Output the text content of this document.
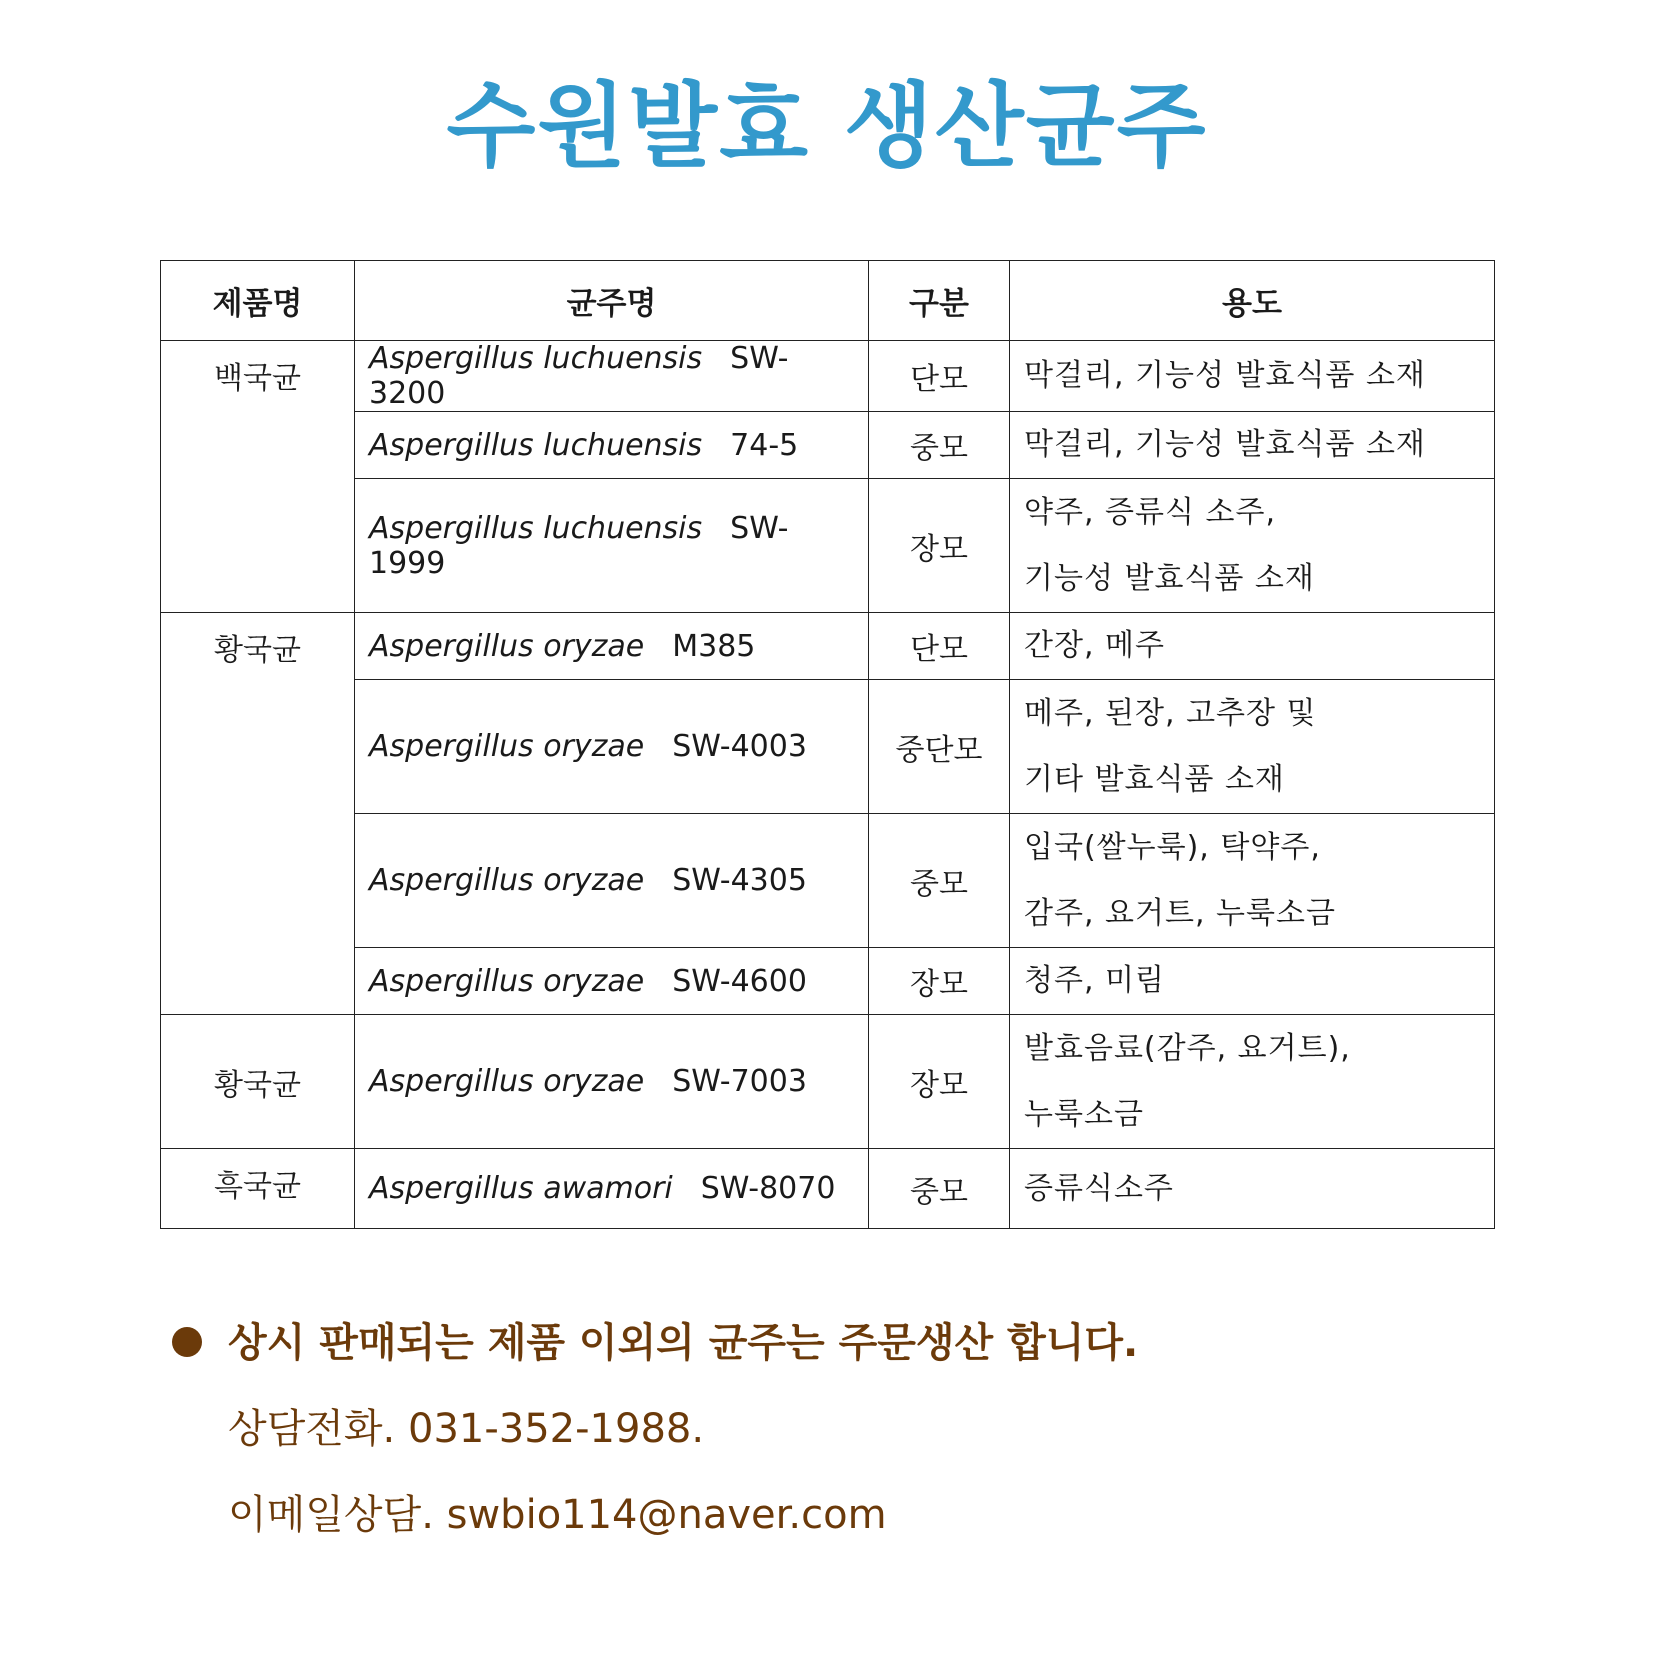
수원발효 생산균주
제품명	균주명	구분	용도
백국균	Aspergillus luchuensis SW-3200	단모	막걸리, 기능성 발효식품 소재

	Aspergillus luchuensis 74-5	중모	막걸리, 기능성 발효식품 소재

	Aspergillus luchuensis SW-1999	장모	약주, 증류식 소주,
기능성 발효식품 소재

황국균	Aspergillus oryzae M385	단모	간장, 메주

	Aspergillus oryzae SW-4003	중단모	메주, 된장, 고추장 및
기타 발효식품 소재

	Aspergillus oryzae SW-4305	중모	입국(쌀누룩), 탁약주,
감주, 요거트, 누룩소금

	Aspergillus oryzae SW-4600	장모	청주, 미림

황국균	Aspergillus oryzae SW-7003	장모	발효음료(감주, 요거트),
누룩소금

흑국균	Aspergillus awamori SW-8070	중모	증류식소주
상시 판매되는 제품 이외의 균주는 주문생산 합니다.
상담전화. 031-352-1988.
이메일상담. swbio114@naver.com
